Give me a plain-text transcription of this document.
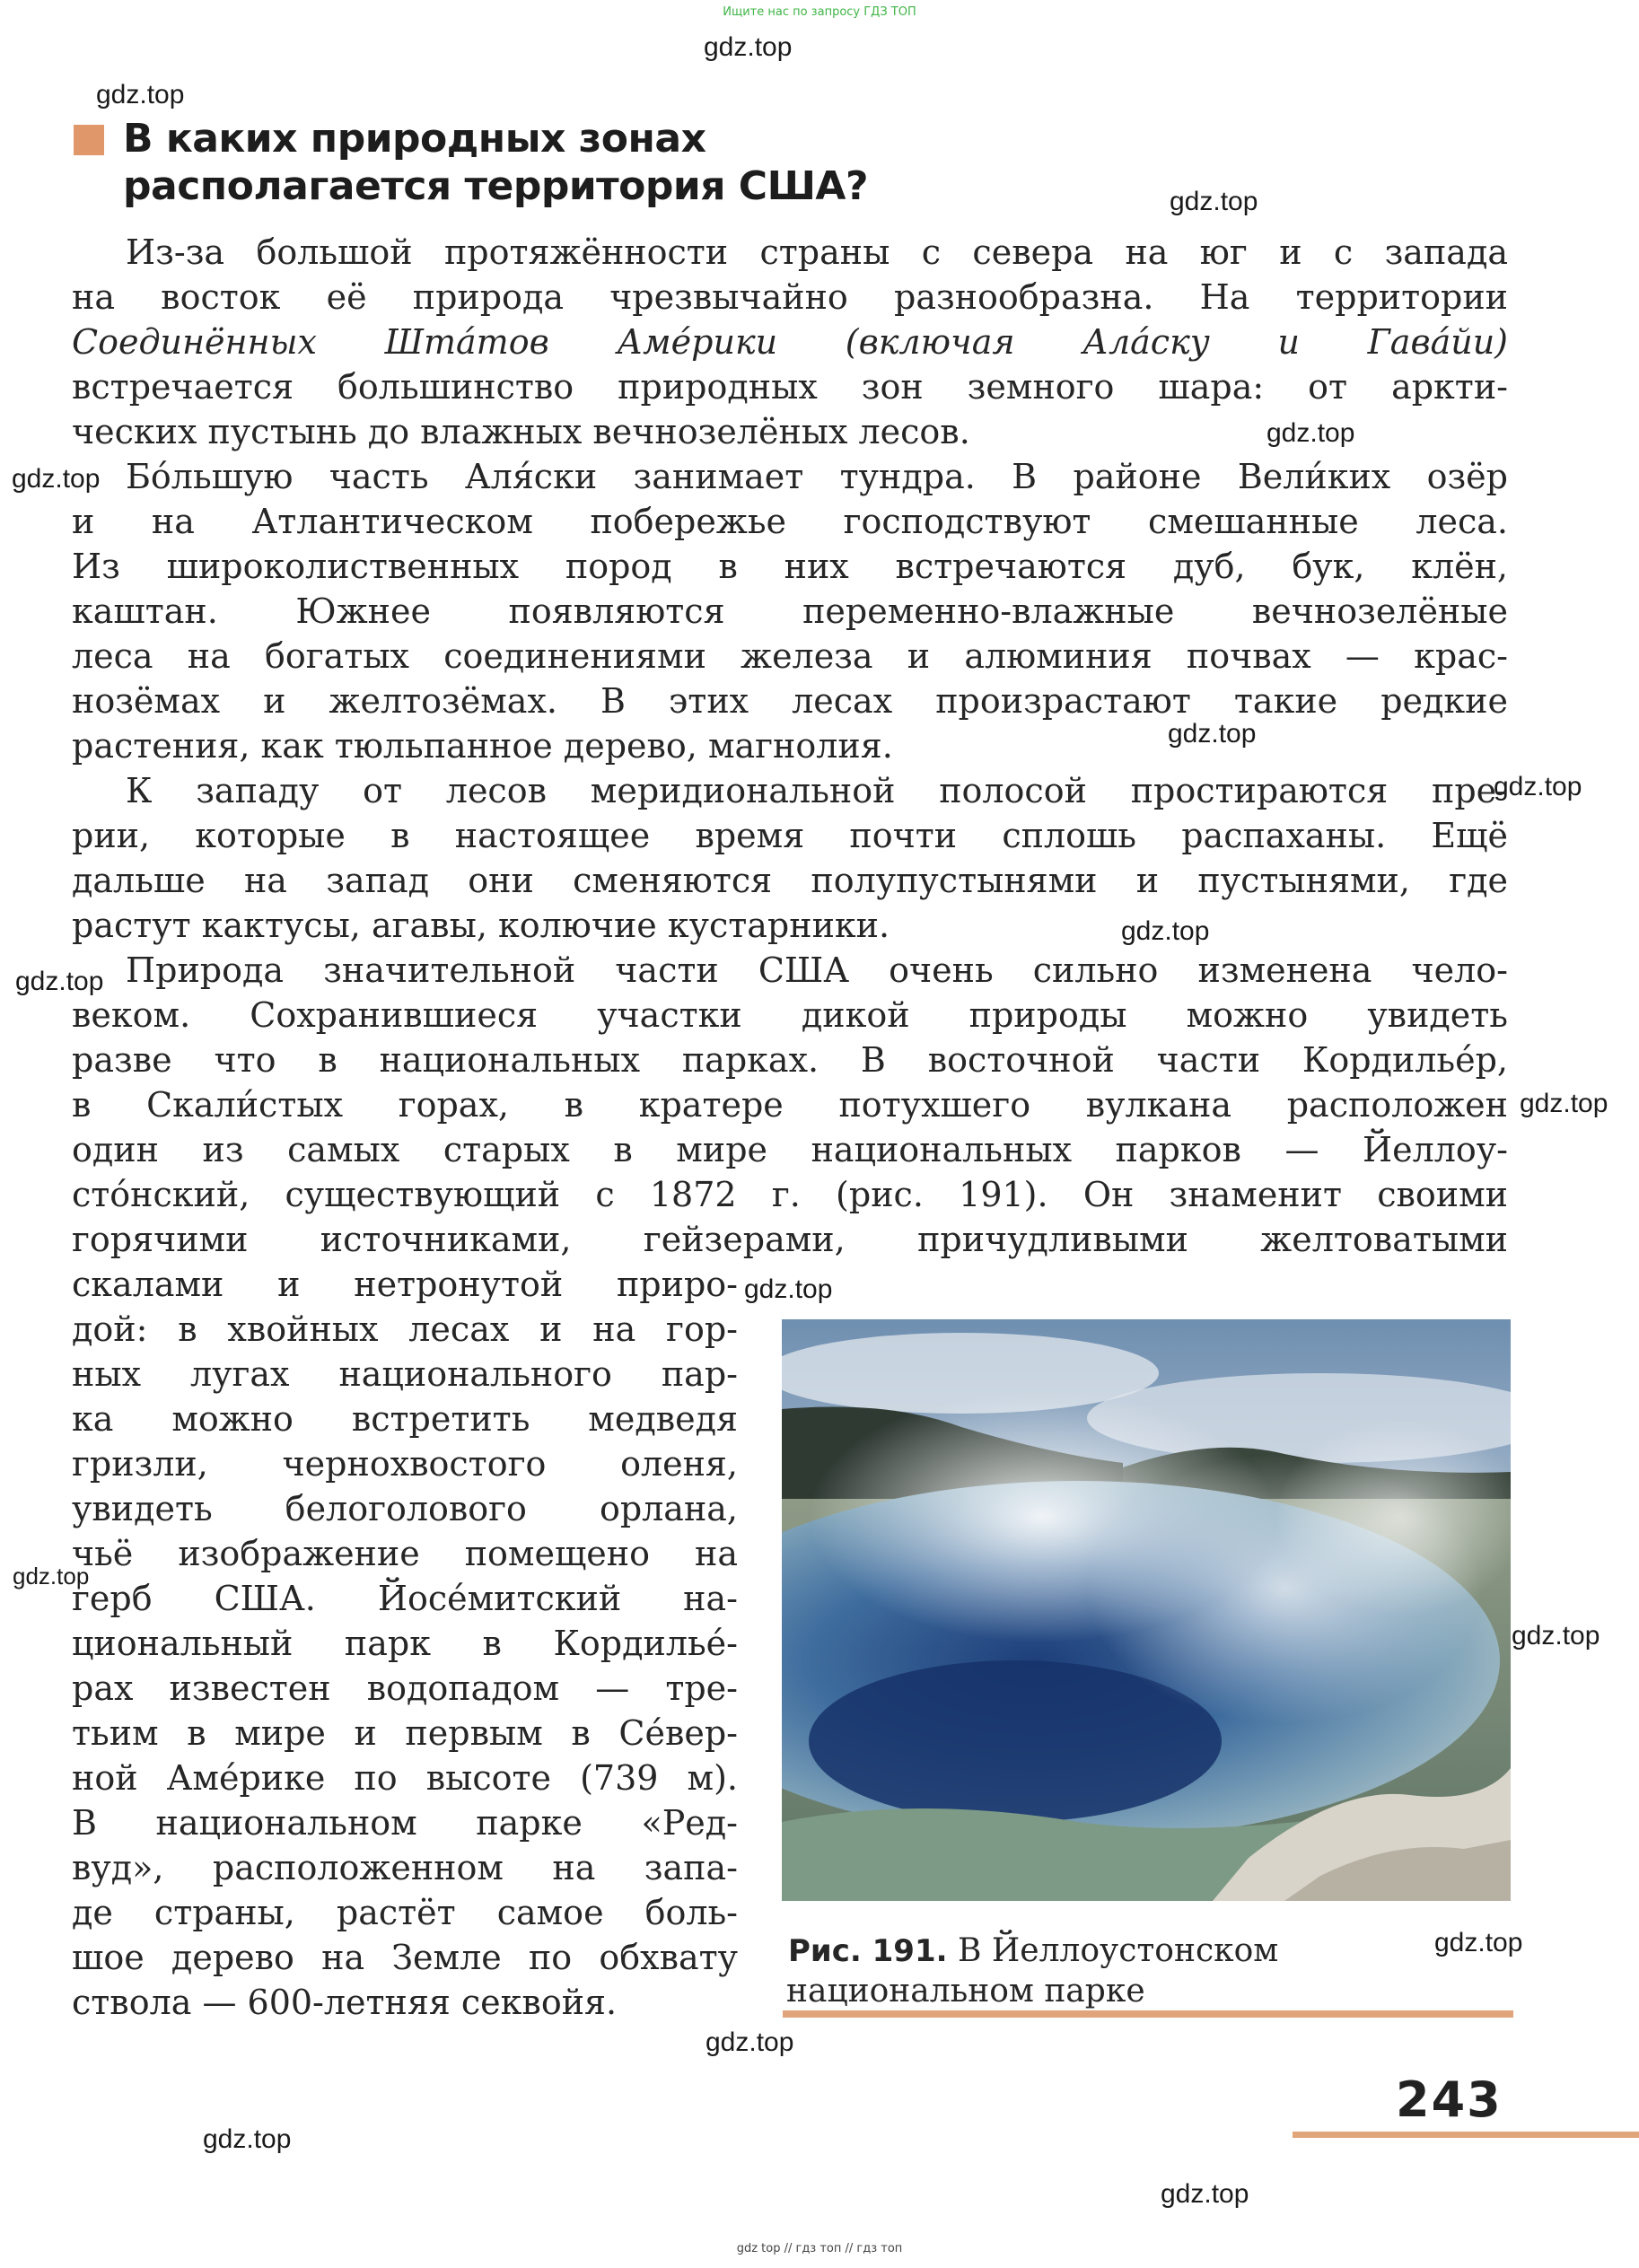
Ищите нас по запросу ГДЗ ТОП
gdz.top
gdz.top
gdz.top
gdz.top
gdz.top
gdz.top
gdz.top
gdz.top
gdz.top
gdz.top
gdz.top
gdz.top
gdz.top
gdz.top
gdz.top
gdz.top
gdz.top
В каких природных зонах
располагается территория США?
Из-за большой протяжённости страны с севера на юг и с запада
на восток её природа чрезвычайно разнообразна. На территории
Соединённых Штáтов Амéрики (включая Алáску и Гавáйи)
встречается большинство природных зон земного шара: от аркти-
ческих пустынь до влажных вечнозелёных лесов.
Бóльшую часть Аля́ски занимает тундра. В районе Вели́ких озёр
и на Атлантическом побережье господствуют смешанные леса.
Из широколиственных пород в них встречаются дуб, бук, клён,
каштан. Южнее появляются переменно-влажные вечнозелёные
леса на богатых соединениями железа и алюминия почвах — крас-
нозёмах и желтозёмах. В этих лесах произрастают такие редкие
растения, как тюльпанное дерево, магнолия.
К западу от лесов меридиональной полосой простираются пре-
рии, которые в настоящее время почти сплошь распаханы. Ещё
дальше на запад они сменяются полупустынями и пустынями, где
растут кактусы, агавы, колючие кустарники.
Природа значительной части США очень сильно изменена чело-
веком. Сохранившиеся участки дикой природы можно увидеть
разве что в национальных парках. В восточной части Кордильéр,
в Скали́стых горах, в кратере потухшего вулкана расположен
один из самых старых в мире национальных парков — Йеллоу-
стóнский, существующий с 1872 г. (рис. 191). Он знаменит своими
горячими источниками, гейзерами, причудливыми желтоватыми
скалами и нетронутой приро-
дой: в хвойных лесах и на гор-
ных лугах национального пар-
ка можно встретить медведя
гризли, чернохвостого оленя,
увидеть белоголового орлана,
чьё изображение помещено на
герб США. Йосéмитский на-
циональный парк в Кордильé-
рах известен водопадом — тре-
тьим в мире и первым в Сéвер-
ной Амéрике по высоте (739 м).
В национальном парке «Ред-
вуд», расположенном на запа-
де страны, растёт самое боль-
шое дерево на Земле по обхвату
ствола — 600-летняя секвойя.
Рис. 191. В Йеллоустонском
национальном парке
243
gdz top // гдз топ // гдз топ
